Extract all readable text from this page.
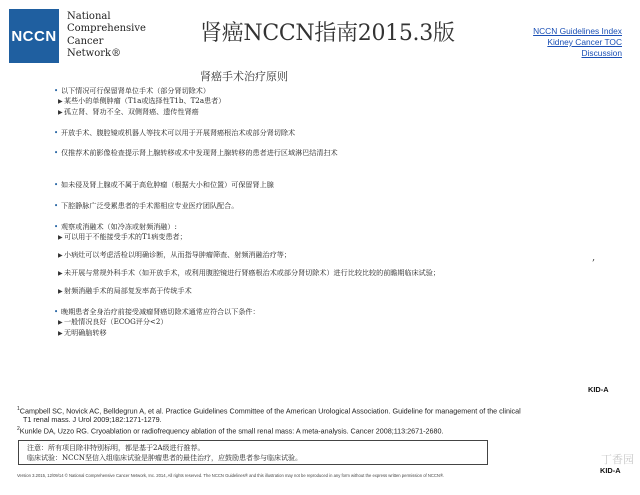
NCCN
National
Comprehensive
Cancer
Network®
肾癌NCCN指南2015.3版	NCCN Guidelines Index
Kidney Cancer TOC
Discussion
肾癌手术治疗原则
• 以下情况可行保留肾单位手术（部分肾切除术）
▶某些小的单侧肿瘤（T1a或选择性T1b、T2a患者）
▶孤立肾、肾功不全、双侧肾癌、遗传性肾癌
• 开放手术、腹腔镜或机器人等技术可以用于开展肾癌根治术或部分肾切除术
• 仅推荐术前影像检查提示肾上腺转移或术中发现肾上腺转移的患者进行区域淋巴结清扫术
• 如未侵及肾上腺或不属于高危肿瘤（根据大小和位置）可保留肾上腺
• 下腔静脉广泛受累患者的手术需相应专业医疗团队配合。
• 观察或消融术（如冷冻或射频消融）:
▶可以用于不能接受手术的T1病变患者；
▶小病灶可以考虑活检以明确诊断，从而指导肿瘤筛查、射频消融治疗等；
▶未开展与常规外科手术（如开放手术，或利用腹腔镜进行肾癌根治术或部分肾切除术）进行比较比较的前瞻期临床试验；
▶射频消融手术的局部复发率高于传统手术
• 晚期患者全身治疗前接受减瘤肾癌切除术通常应符合以下条件：
▶一般情况良好（ECOG评分<2）
▶无明确脑转移
,
KID-A
$^1$Campbell SC, Novick AC, Belldegrun A, et al. Practice Guidelines Committee of the American Urological Association. Guideline for management of the clinical
T1 renal mass. J Urol 2009;182:1271-1279.
$^2$Kunkle DA, Uzzo RG. Cryoablation or radiofrequency ablation of the small renal mass: A meta-analysis. Cancer 2008;113:2671-2680.
注意：所有项目除非特别标明，都是基于2A级进行推荐。
临床试验：NCCN坚信入组临床试验是肿瘤患者的最佳治疗，应鼓励患者参与临床试验。
KID-A
Version 3.2015, 12/09/14 © National Comprehensive Cancer Network, Inc. 2014, All rights reserved. The NCCN Guidelines® and this illustration may not be reproduced in any form without the express written permission of NCCN®.
丁香园
